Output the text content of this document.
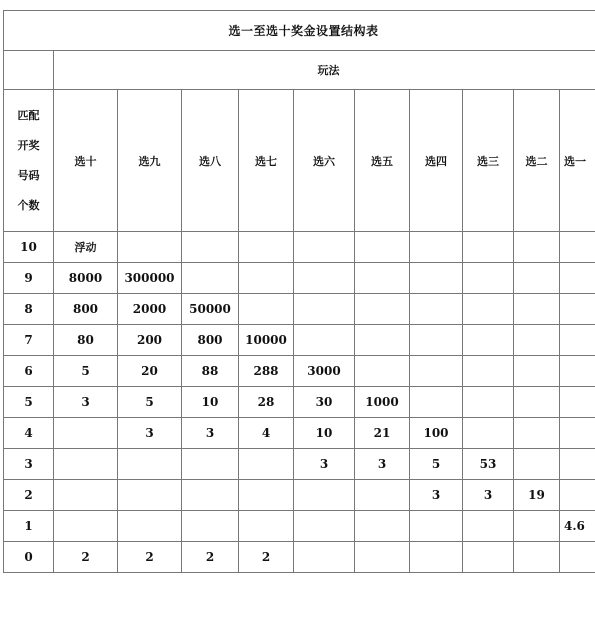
选一至选十奖金设置结构表										
	玩法									

匹配
开奖
号码
个数	选十	选九	选八	选七	选六	选五	选四	选三	选二	选一
10	浮动									
9	8000	300000								
8	800	2000	50000							
7	80	200	800	10000						
6	5	20	88	288	3000					
5	3	5	10	28	30	1000				
4		3	3	4	10	21	100			
3					3	3	5	53		
2							3	3	19	
1										4.6
0	2	2	2	2						
